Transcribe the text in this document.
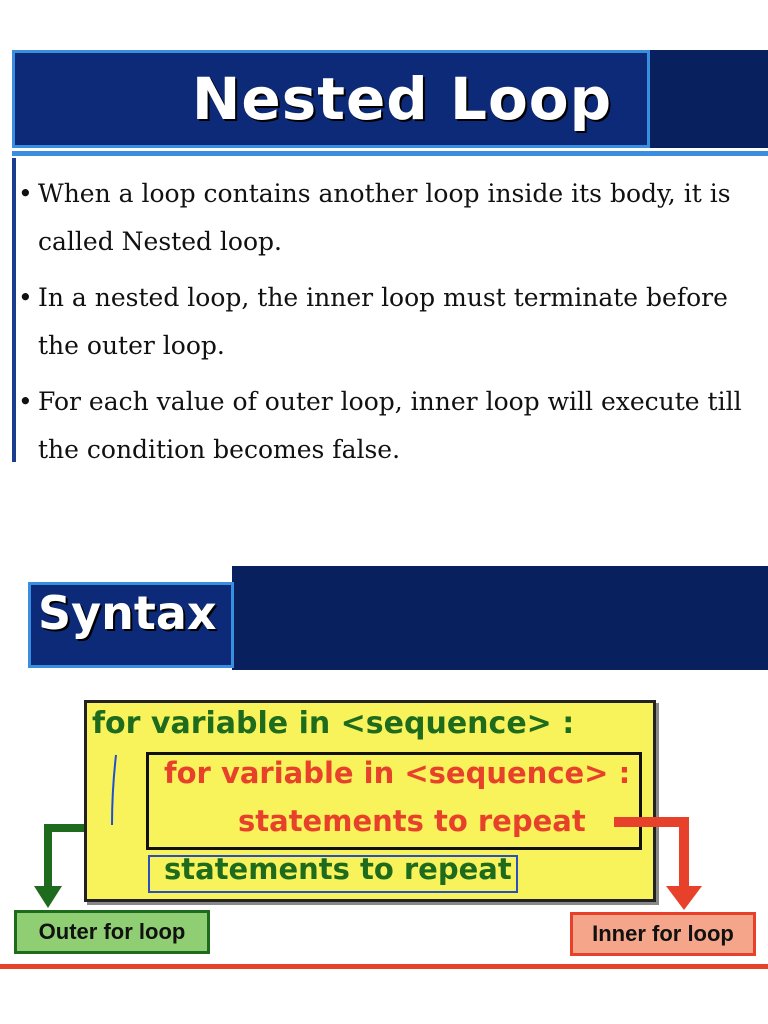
Nested Loop
• When a loop contains another loop inside its body, it is called Nested loop.
• In a nested loop, the inner loop must terminate before the outer loop.
• For each value of outer loop, inner loop will execute till the condition becomes false.
Syntax
for variable in <sequence> :
for variable in <sequence> :
statements to repeat
statements to repeat
Outer for loop	Inner for loop
